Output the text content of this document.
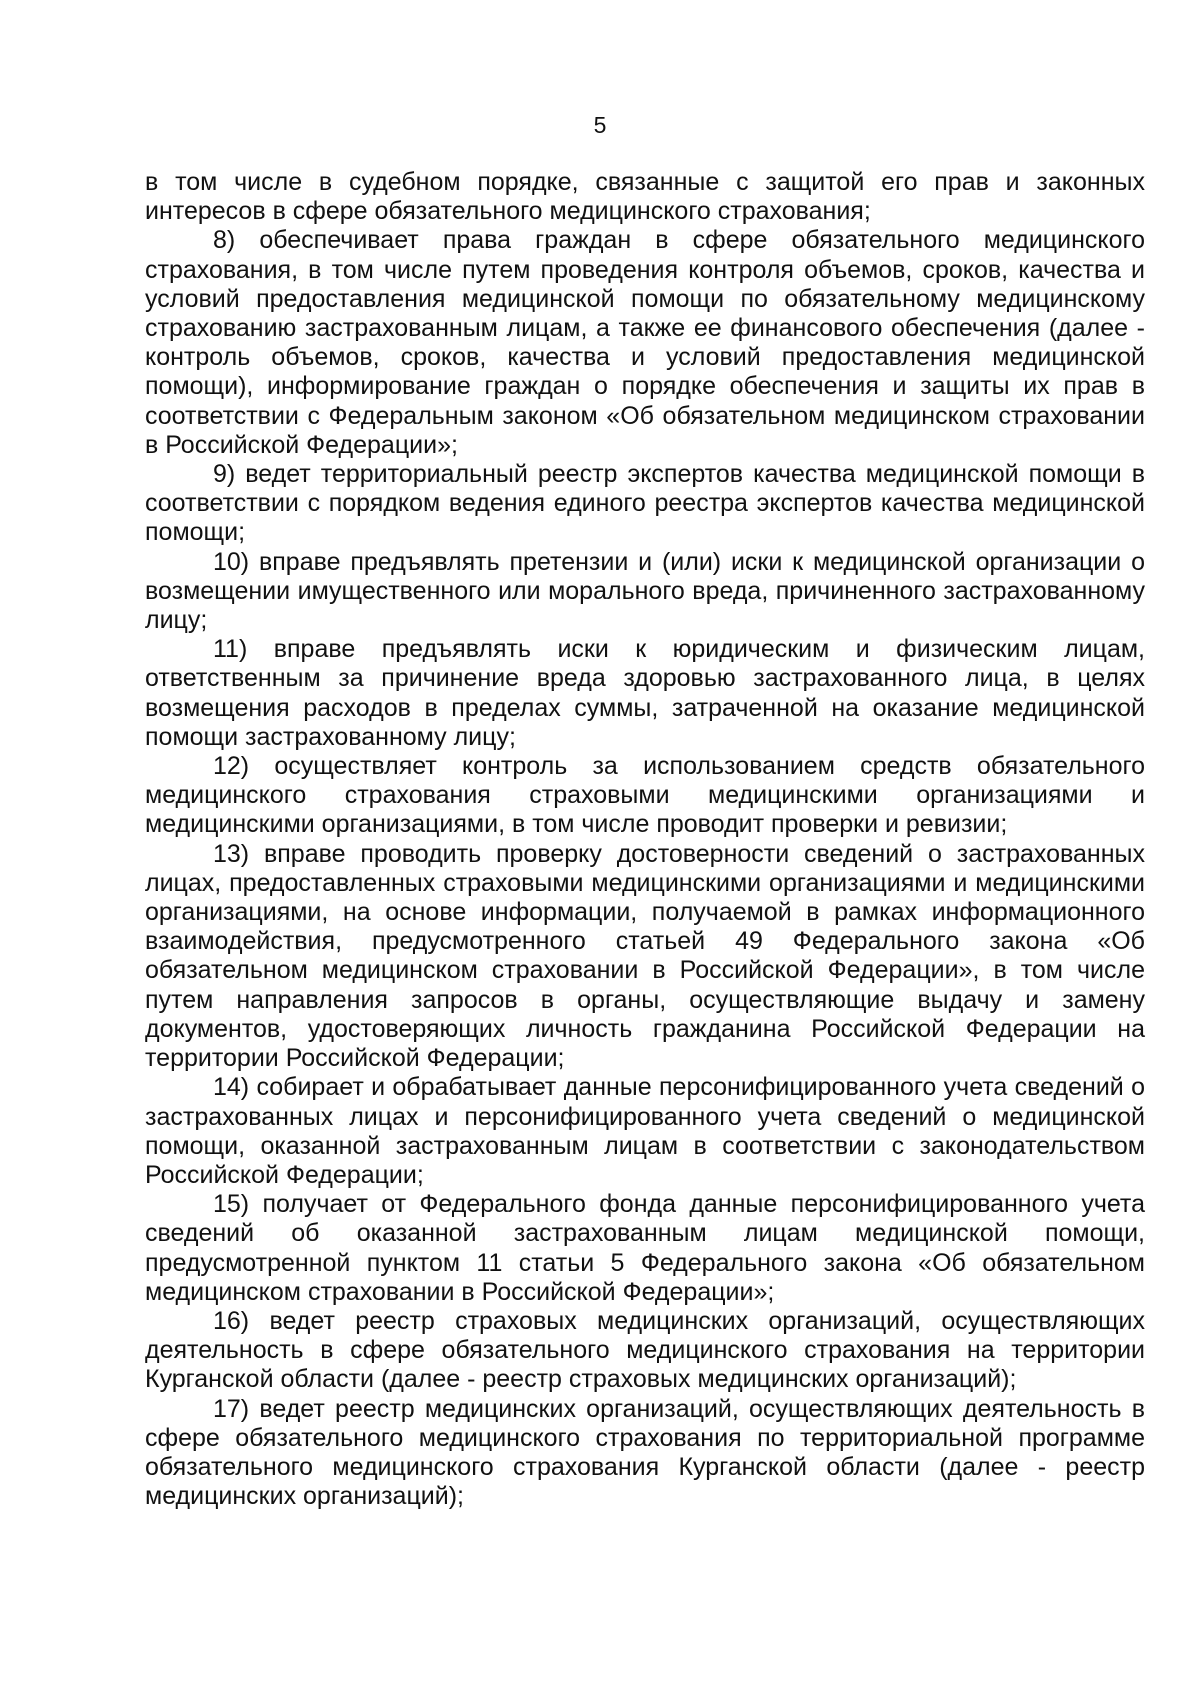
5

в том числе в судебном порядке, связанные с защитой его прав и законных интересов в сфере обязательного медицинского страхования;

8) обеспечивает права граждан в сфере обязательного медицинского страхования, в том числе путем проведения контроля объемов, сроков, качества и условий предоставления медицинской помощи по обязательному медицинскому страхованию застрахованным лицам, а также ее финансового обеспечения (далее - контроль объемов, сроков, качества и условий предоставления медицинской помощи), информирование граждан о порядке обеспечения и защиты их прав в соответствии с Федеральным законом «Об обязательном медицинском страховании в Российской Федерации»;

9) ведет территориальный реестр экспертов качества медицинской помощи в соответствии с порядком ведения единого реестра экспертов качества медицинской помощи;

10) вправе предъявлять претензии и (или) иски к медицинской организации о возмещении имущественного или морального вреда, причиненного застрахованному лицу;

11) вправе предъявлять иски к юридическим и физическим лицам, ответственным за причинение вреда здоровью застрахованного лица, в целях возмещения расходов в пределах суммы, затраченной на оказание медицинской помощи застрахованному лицу;

12) осуществляет контроль за использованием средств обязательного медицинского страхования страховыми медицинскими организациями и медицинскими организациями, в том числе проводит проверки и ревизии;

13) вправе проводить проверку достоверности сведений о застрахованных лицах, предоставленных страховыми медицинскими организациями и медицинскими организациями, на основе информации, получаемой в рамках информационного взаимодействия, предусмотренного статьей 49 Федерального закона «Об обязательном медицинском страховании в Российской Федерации», в том числе путем направления запросов в органы, осуществляющие выдачу и замену документов, удостоверяющих личность гражданина Российской Федерации на территории Российской Федерации;

14) собирает и обрабатывает данные персонифицированного учета сведений о застрахованных лицах и персонифицированного учета сведений о медицинской помощи, оказанной застрахованным лицам в соответствии с законодательством Российской Федерации;

15) получает от Федерального фонда данные персонифицированного учета сведений об оказанной застрахованным лицам медицинской помощи, предусмотренной пунктом 11 статьи 5 Федерального закона «Об обязательном медицинском страховании в Российской Федерации»;

16) ведет реестр страховых медицинских организаций, осуществляющих деятельность в сфере обязательного медицинского страхования на территории Курганской области (далее - реестр страховых медицинских организаций);

17) ведет реестр медицинских организаций, осуществляющих деятельность в сфере обязательного медицинского страхования по территориальной программе обязательного медицинского страхования Курганской области (далее - реестр медицинских организаций);
